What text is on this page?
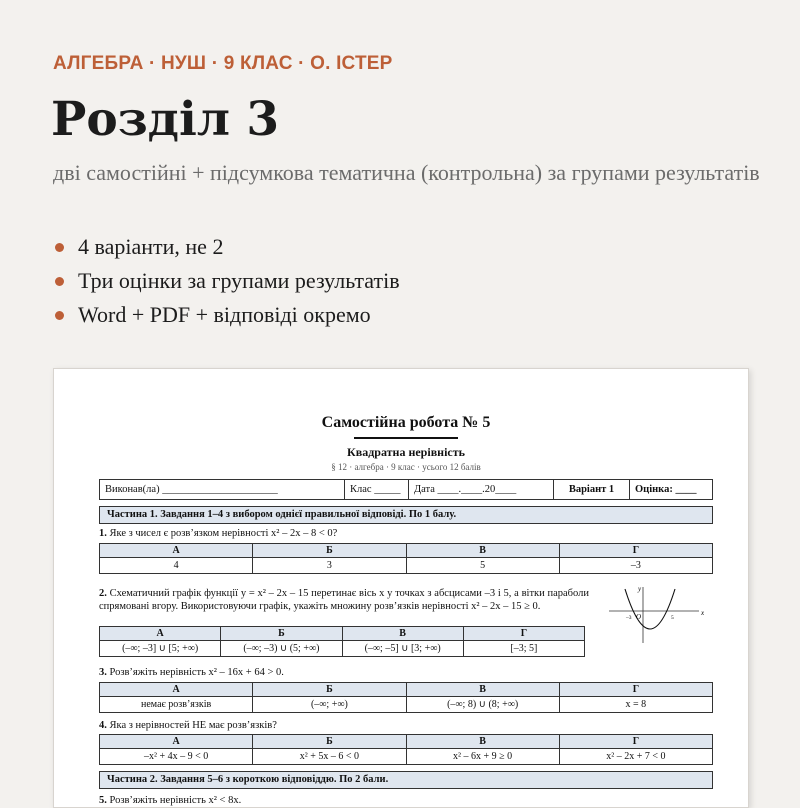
АЛГЕБРА · НУШ · 9 КЛАС · О. ІСТЕР
Розділ 3

дві самостійні + підсумкова тематична (контрольна) за групами результатів

4 варіанти, не 2
Три оцінки за групами результатів
Word + PDF + відповіді окремо
Самостійна робота № 5
Квадратна нерівність
§ 12 · алгебра · 9 клас · усього 12 балів
Виконав(ла) ______________________	Клас _____	Дата ____.____.20____	Варіант 1	Оцінка: ____
Частина 1. Завдання 1–4 з вибором однієї правильної відповіді. По 1 балу.
1. Яке з чисел є розв’язком нерівності x² – 2x – 8 < 0?
А	Б	В	Г
4	3	5	–3
2. Схематичний графік функції y = x² – 2x – 15 перетинає вісь x у точках з абсцисами –3 і 5, а вітки параболи спрямовані вгору. Використовуючи графік, укажіть множину розв’язків нерівності x² – 2x – 15 ≥ 0.
y
x
O
–3	5
А	Б	В	Г
(–∞; –3] ∪ [5; +∞)	(–∞; –3) ∪ (5; +∞)	(–∞; –5] ∪ [3; +∞)	[–3; 5]
3. Розв’яжіть нерівність x² – 16x + 64 > 0.
А	Б	В	Г
немає розв’язків	(–∞; +∞)	(–∞; 8) ∪ (8; +∞)	x = 8
4. Яка з нерівностей НЕ має розв’язків?
А	Б	В	Г
–x² + 4x – 9 < 0	x² + 5x – 6 < 0	x² – 6x + 9 ≥ 0	x² – 2x + 7 < 0
Частина 2. Завдання 5–6 з короткою відповіддю. По 2 бали.
5. Розв’яжіть нерівність x² < 8x.
